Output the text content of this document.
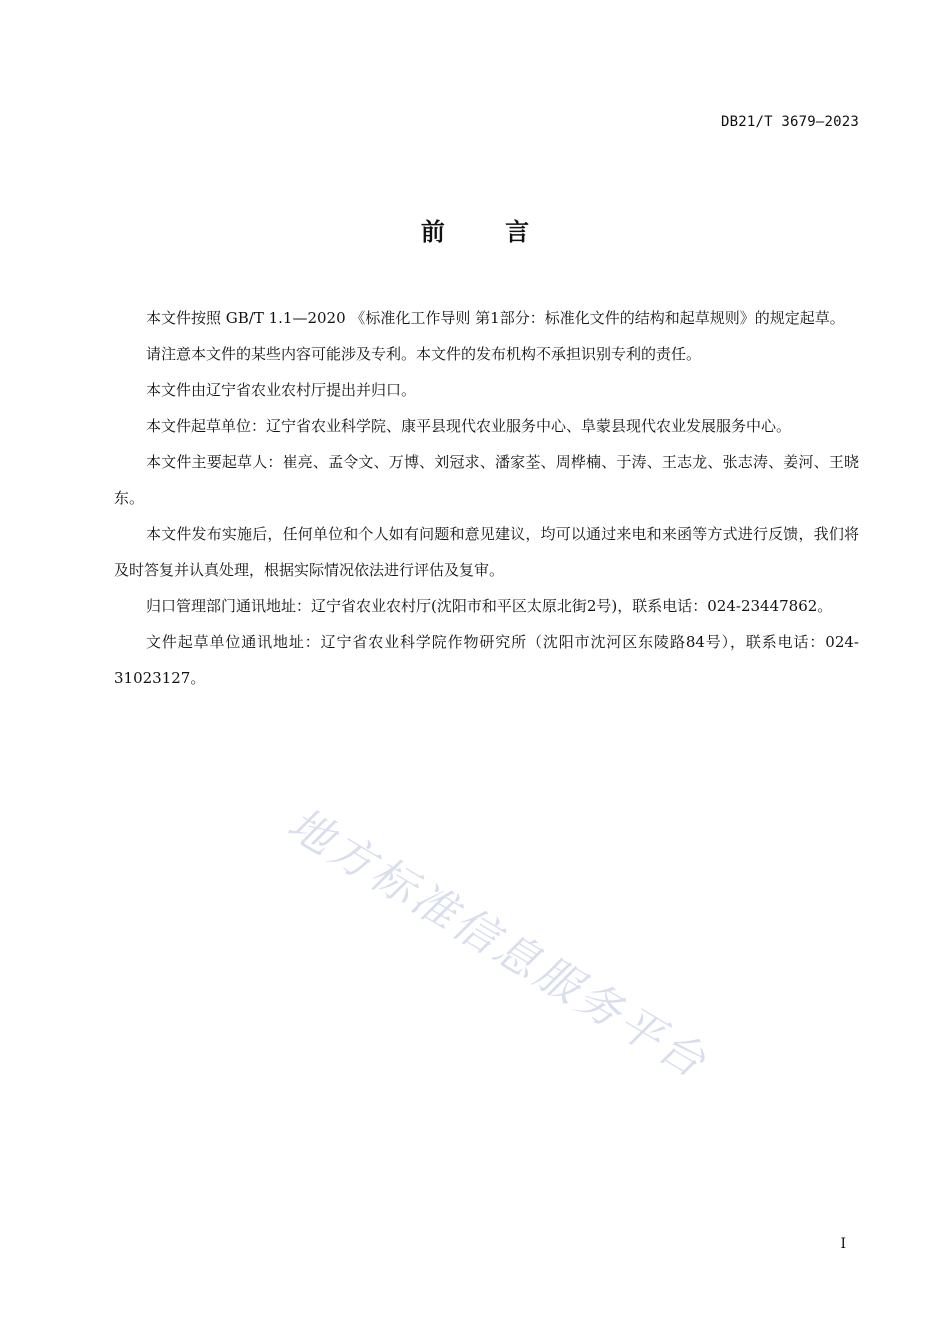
DB21/T 3679—2023
前 言

本文件按照 GB/T 1.1—2020 《标准化工作导则 第1部分：标准化文件的结构和起草规则》的规定起草。

请注意本文件的某些内容可能涉及专利。本文件的发布机构不承担识别专利的责任。

本文件由辽宁省农业农村厅提出并归口。

本文件起草单位：辽宁省农业科学院、康平县现代农业服务中心、阜蒙县现代农业发展服务中心。

本文件主要起草人：崔亮、孟令文、万博、刘冠求、潘家荃、周桦楠、于涛、王志龙、张志涛、姜河、王晓东。

本文件发布实施后，任何单位和个人如有问题和意见建议，均可以通过来电和来函等方式进行反馈，我们将及时答复并认真处理，根据实际情况依法进行评估及复审。

归口管理部门通讯地址：辽宁省农业农村厅(沈阳市和平区太原北街2号)，联系电话：024-23447862。

文件起草单位通讯地址：辽宁省农业科学院作物研究所（沈阳市沈河区东陵路84号），联系电话：024-31023127。

地方标准信息服务平台
I
